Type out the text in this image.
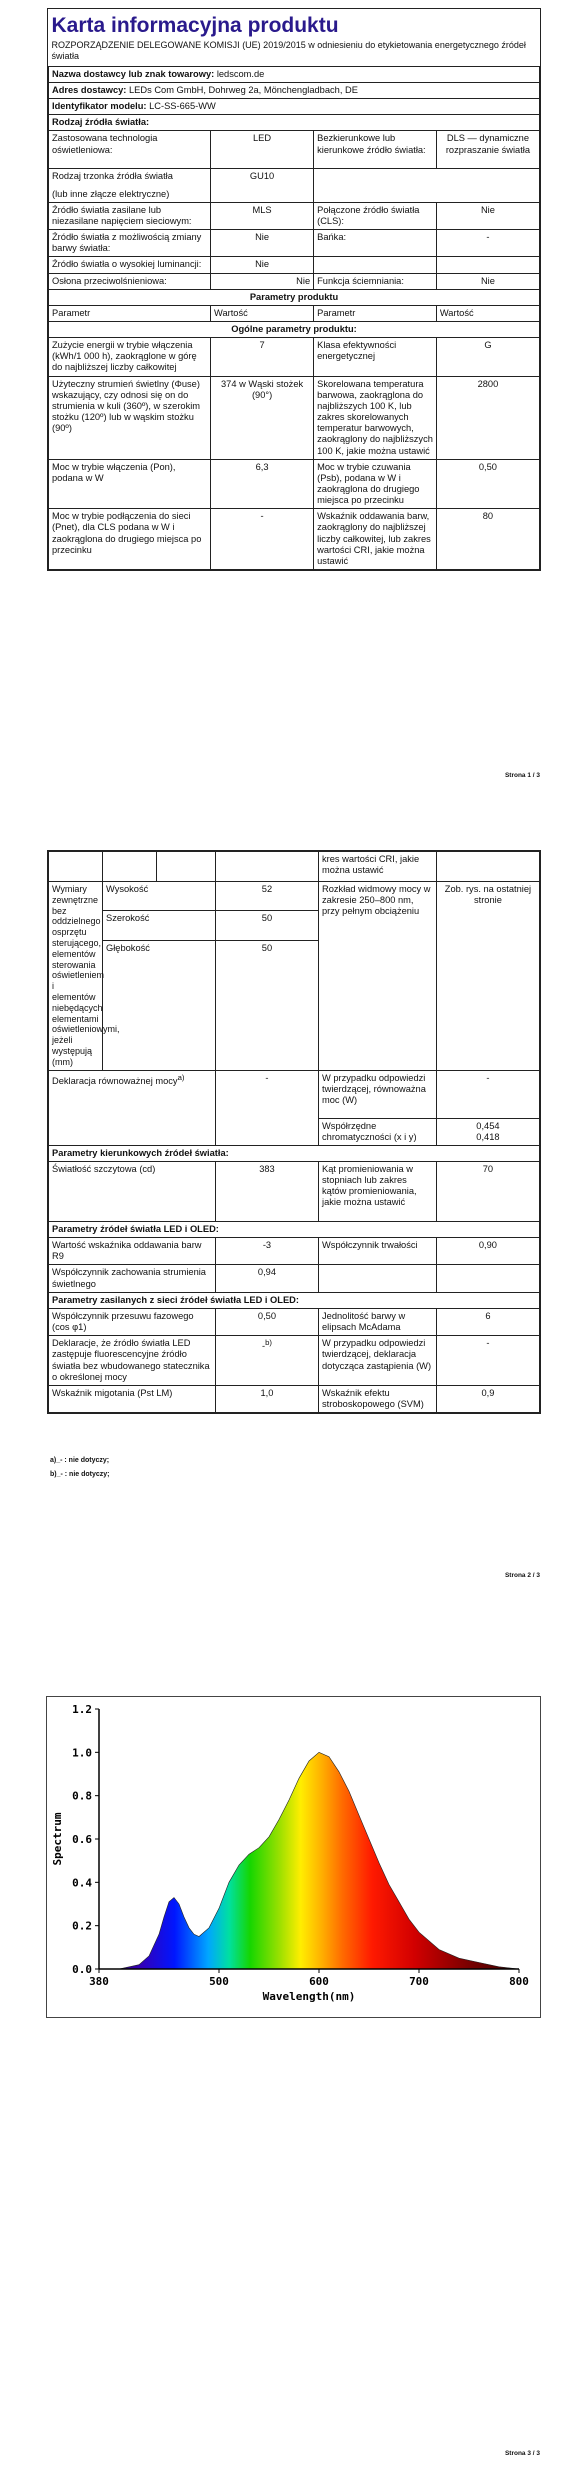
Karta informacyjna produktu			
ROZPORZĄDZENIE DELEGOWANE KOMISJI (UE) 2019/2015 w odniesieniu do etykietowania energetycznego źródeł światła			
Nazwa dostawcy lub znak towarowy: ledscom.de			
Adres dostawcy: LEDs Com GmbH, Dohrweg 2a, Mönchengladbach, DE			
Identyfikator modelu: LC-SS-665-WW			
Rodzaj źródła światła:			
Zastosowana technologia oświetleniowa:	LED	Bezkierunkowe lub kierunkowe źródło światła:	DLS — dynamiczne rozpraszanie światła

Rodzaj trzonka źródła światła
(lub inne złącze elektryczne)	GU10		
Źródło światła zasilane lub niezasilane napięciem sieciowym:	MLS	Połączone źródło światła (CLS):	Nie
Źródło światła z możliwością zmiany barwy światła:	Nie	Bańka:	-
Źródło światła o wysokiej luminancji:	Nie		
Osłona przeciwolśnieniowa:	Nie	Funkcja ściemniania:	Nie
Parametry produktu			
Parametr	Wartość	Parametr	Wartość
Ogólne parametry produktu:			
Zużycie energii w trybie włączenia (kWh/1 000 h), zaokrąglone w górę do najbliższej liczby całkowitej	7	Klasa efektywności energetycznej	G
Użyteczny strumień świetlny (Φuse) wskazujący, czy odnosi się on do strumienia w kuli (360º), w szerokim stożku (120º) lub w wąskim stożku (90º)	374 w Wąski stożek (90°)	Skorelowana temperatura barwowa, zaokrąglona do najbliższych 100 K, lub zakres skorelowanych temperatur barwowych, zaokrąglony do najbliższych 100 K, jakie można ustawić	2800
Moc w trybie włączenia (Pon), podana w W	6,3	Moc w trybie czuwania (Psb), podana w W i zaokrąglona do drugiego miejsca po przecinku	0,50
Moc w trybie podłączenia do sieci (Pnet), dla CLS podana w W i zaokrąglona do drugiego miejsca po przecinku	-	Wskaźnik oddawania barw, zaokrąglony do najbliższej liczby całkowitej, lub zakres wartości CRI, jakie można ustawić	80
Strona 1 / 3
				kres wartości CRI, jakie można ustawić	
Wymiary zewnętrzne bez oddzielnego osprzętu sterującego, elementów sterowania oświetleniem i elementów niebędących elementami oświetleniowymi, jeżeli występują (mm)	Wysokość		52	Rozkład widmowy mocy w zakresie 250–800 nm, przy pełnym obciążeniu	Zob. rys. na ostatniej stronie
	Szerokość		50		
	Głębokość		50		
Deklaracja równoważnej mocy$^{a)}$			-	W przypadku odpowiedzi twierdzącej, równoważna moc (W)	-
				Współrzędne chromatyczności (x i y)	0,454
0,418

Parametry kierunkowych źródeł światła:					
Światłość szczytowa (cd)			383	Kąt promieniowania w stopniach lub zakres kątów promieniowania, jakie można ustawić	70
Parametry źródeł światła LED i OLED:					
Wartość wskaźnika oddawania barw R9			-3	Współczynnik trwałości	0,90
Współczynnik zachowania strumienia świetlnego			0,94		
Parametry zasilanych z sieci źródeł światła LED i OLED:					
Współczynnik przesuwu fazowego (cos φ1)			0,50	Jednolitość barwy w elipsach McAdama	6
Deklaracje, że źródło światła LED zastępuje fluorescencyjne źródło światła bez wbudowanego statecznika o określonej mocy			-$^{b)}$	W przypadku odpowiedzi twierdzącej, deklaracja dotycząca zastąpienia (W)	-
Wskaźnik migotania (Pst LM)			1,0	Wskaźnik efektu stroboskopowego (SVM)	0,9
a)_- : nie dotyczy;
b)_- : nie dotyczy;
Strona 2 / 3
0.0
0.2
0.4
0.6
0.8
1.0
1.2
380	500	600	700	800
Wavelength(nm)
Spectrum
Strona 3 / 3
